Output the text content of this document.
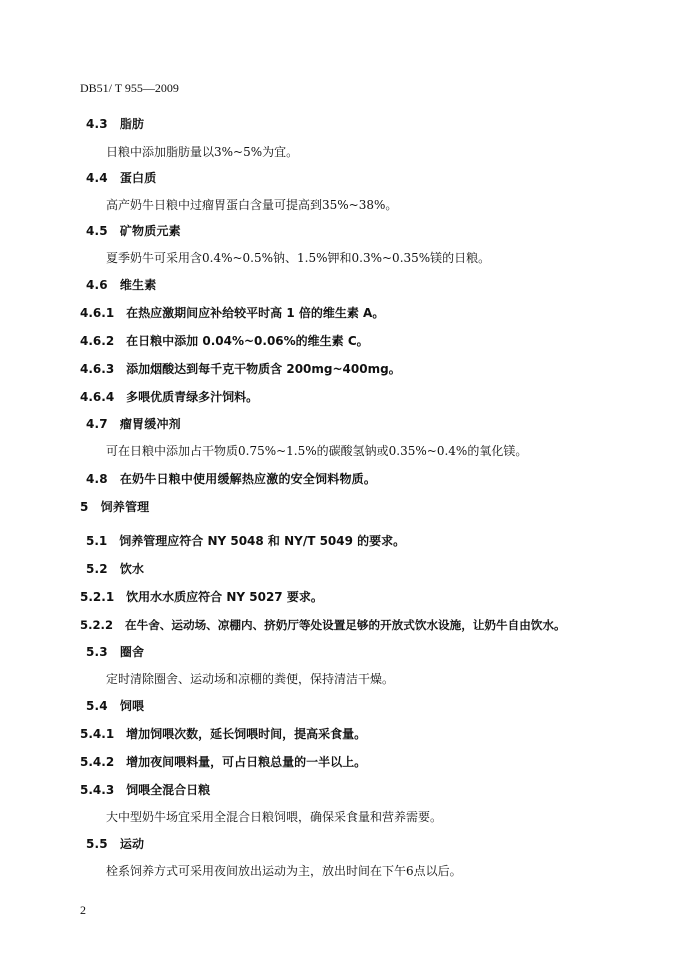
DB51/ T 955—2009
4.3 脂肪
日粮中添加脂肪量以3%~5%为宜。
4.4 蛋白质
高产奶牛日粮中过瘤胃蛋白含量可提高到35%~38%。
4.5 矿物质元素
夏季奶牛可采用含0.4%~0.5%钠、1.5%钾和0.3%~0.35%镁的日粮。
4.6 维生素
4.6.1 在热应激期间应补给较平时高 1 倍的维生素 A。
4.6.2 在日粮中添加 0.04%~0.06%的维生素 C。
4.6.3 添加烟酸达到每千克干物质含 200mg~400mg。
4.6.4 多喂优质青绿多汁饲料。
4.7 瘤胃缓冲剂
可在日粮中添加占干物质0.75%~1.5%的碳酸氢钠或0.35%~0.4%的氧化镁。
4.8 在奶牛日粮中使用缓解热应激的安全饲料物质。
5 饲养管理
5.1 饲养管理应符合 NY 5048 和 NY/T 5049 的要求。
5.2 饮水
5.2.1 饮用水水质应符合 NY 5027 要求。
5.2.2 在牛舍、运动场、凉棚内、挤奶厅等处设置足够的开放式饮水设施，让奶牛自由饮水。
5.3 圈舍
定时清除圈舍、运动场和凉棚的粪便，保持清洁干燥。
5.4 饲喂
5.4.1 增加饲喂次数，延长饲喂时间，提高采食量。
5.4.2 增加夜间喂料量，可占日粮总量的一半以上。
5.4.3 饲喂全混合日粮
大中型奶牛场宜采用全混合日粮饲喂，确保采食量和营养需要。
5.5 运动
栓系饲养方式可采用夜间放出运动为主，放出时间在下午6点以后。
2
